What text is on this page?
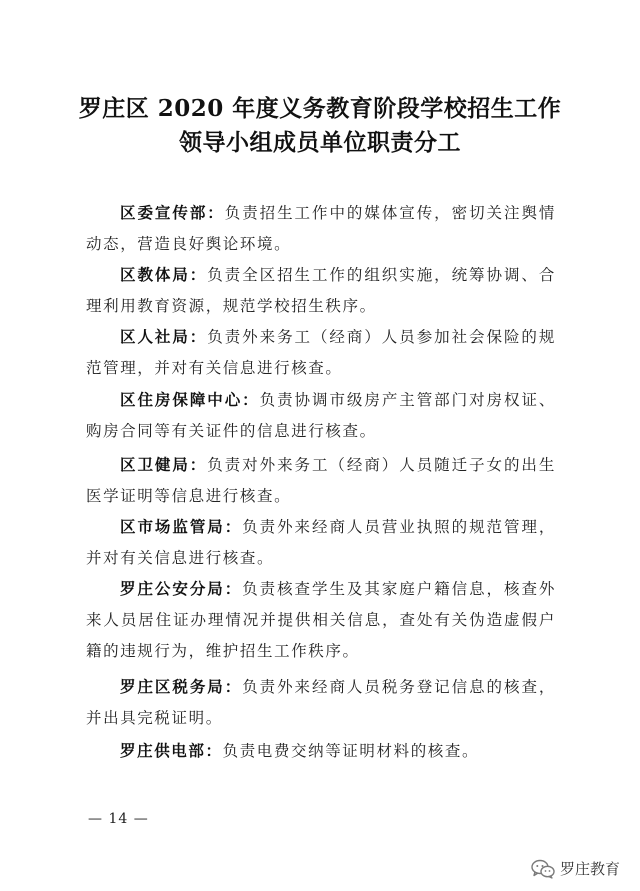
罗庄区 2020 年度义务教育阶段学校招生工作
领导小组成员单位职责分工
区委宣传部：负责招生工作中的媒体宣传，密切关注舆情动态，营造良好舆论环境。
区教体局：负责全区招生工作的组织实施，统筹协调、合理利用教育资源，规范学校招生秩序。
区人社局：负责外来务工（经商）人员参加社会保险的规范管理，并对有关信息进行核查。
区住房保障中心：负责协调市级房产主管部门对房权证、购房合同等有关证件的信息进行核查。
区卫健局：负责对外来务工（经商）人员随迁子女的出生医学证明等信息进行核查。
区市场监管局：负责外来经商人员营业执照的规范管理，并对有关信息进行核查。
罗庄公安分局：负责核查学生及其家庭户籍信息，核查外来人员居住证办理情况并提供相关信息，查处有关伪造虚假户籍的违规行为，维护招生工作秩序。
罗庄区税务局：负责外来经商人员税务登记信息的核查，并出具完税证明。
罗庄供电部：负责电费交纳等证明材料的核查。
— 14 —
罗庄教育
